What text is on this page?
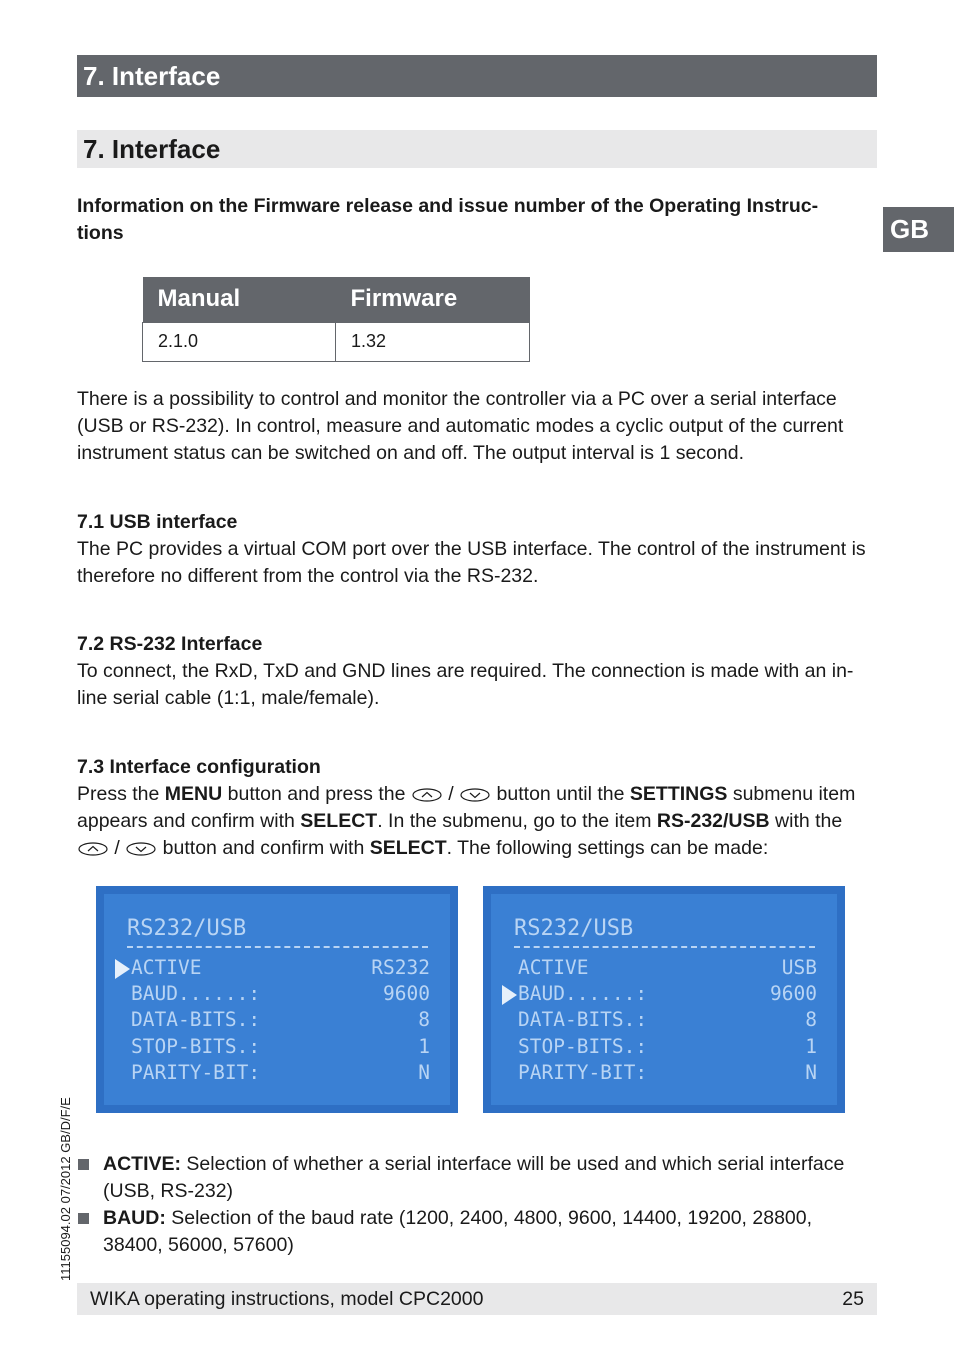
7. Interface
7. Interface
GB
Information on the Firmware release and issue number of the Operating Instruc- tions
Manual	Firmware
2.1.0	1.32
There is a possibility to control and monitor the controller via a PC over a serial interface (USB or RS-232). In control, measure and automatic modes a cyclic output of the current instrument status can be switched on and off. The output interval is 1 second.
7.1 USB interface
The PC provides a virtual COM port over the USB interface. The control of the instrument is therefore no different from the control via the RS-232.
7.2 RS-232 Interface
To connect, the RxD, TxD and GND lines are required. The connection is made with an in-line serial cable (1:1, male/female).
7.3 Interface configuration
Press the MENU button and press the  /  button until the SETTINGS submenu item appears and confirm with SELECT. In the submenu, go to the item RS-232/USB with the  /  button and confirm with SELECT. The following settings can be made:
RS232/USB
ACTIVE	RS232
BAUD......:	9600
DATA-BITS.:	8
STOP-BITS.:	1
PARITY-BIT:	N
RS232/USB
ACTIVE	USB
BAUD......:	9600
DATA-BITS.:	8
STOP-BITS.:	1
PARITY-BIT:	N
ACTIVE: Selection of whether a serial interface will be used and which serial interface (USB, RS-232)
BAUD: Selection of the baud rate (1200, 2400, 4800, 9600, 14400, 19200, 28800, 38400, 56000, 57600)
11155094.02 07/2012 GB/D/F/E
WIKA operating instructions, model CPC2000	25
